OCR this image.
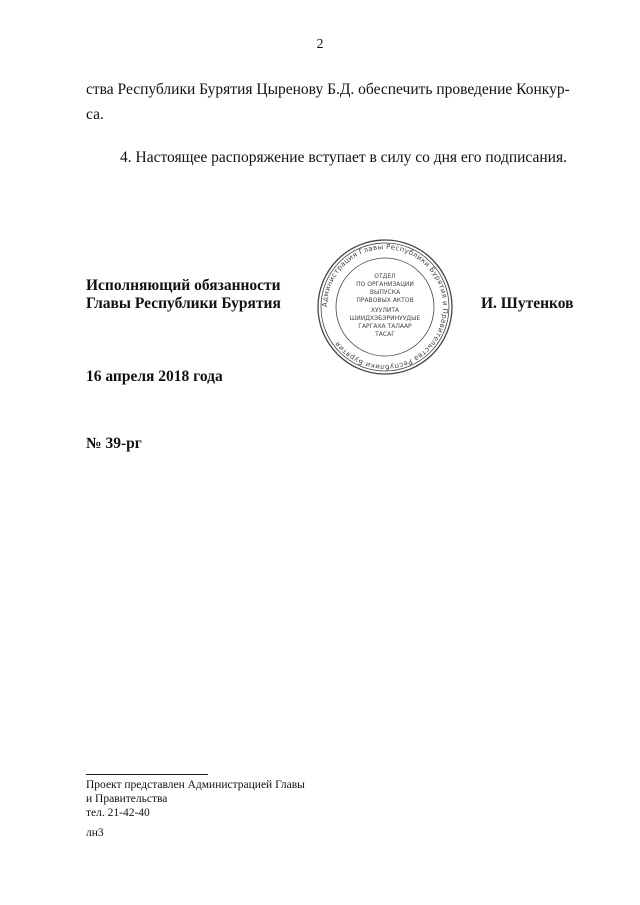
2
ства Республики Бурятия Цыренову Б.Д. обеспечить проведение Конкур-
са.
4. Настоящее распоряжение вступает в силу со дня его подписания.
Исполняющий обязанности
Главы Республики Бурятия	И. Шутенков
Администрация Главы Республики Бурятия и Правительства Республики Бурятия
ОТДЕЛ
ПО ОРГАНИЗАЦИИ
ВЫПУСКА
ПРАВОВЫХ АКТОВ
ХУУЛИТА
ШИИДХЭБЭРИНУУДЫЕ
ГАРГАХА ТАЛААР
ТАСАГ
16 апреля 2018 года
№ 39-рг
Проект представлен Администрацией Главы
и Правительства
тел. 21-42-40
лн3
